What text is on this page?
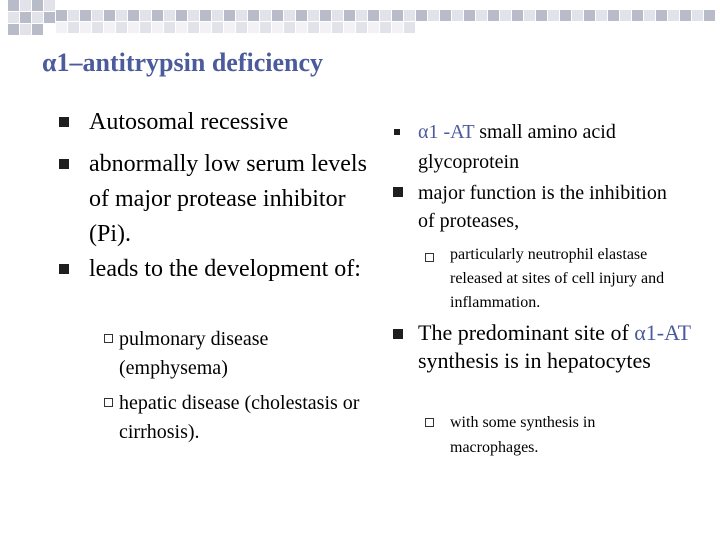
α1–antitrypsin deficiency
Autosomal recessive
abnormally low serum levels of major protease inhibitor (Pi).
leads to the development of:
pulmonary disease (emphysema)
hepatic disease (cholestasis or cirrhosis).
α1 -AT small amino acid glycoprotein
major function is the inhibition of proteases,
particularly neutrophil elastase released at sites of cell injury and inflammation.
The predominant site of α1-AT synthesis is in hepatocytes
with some synthesis in macrophages.
